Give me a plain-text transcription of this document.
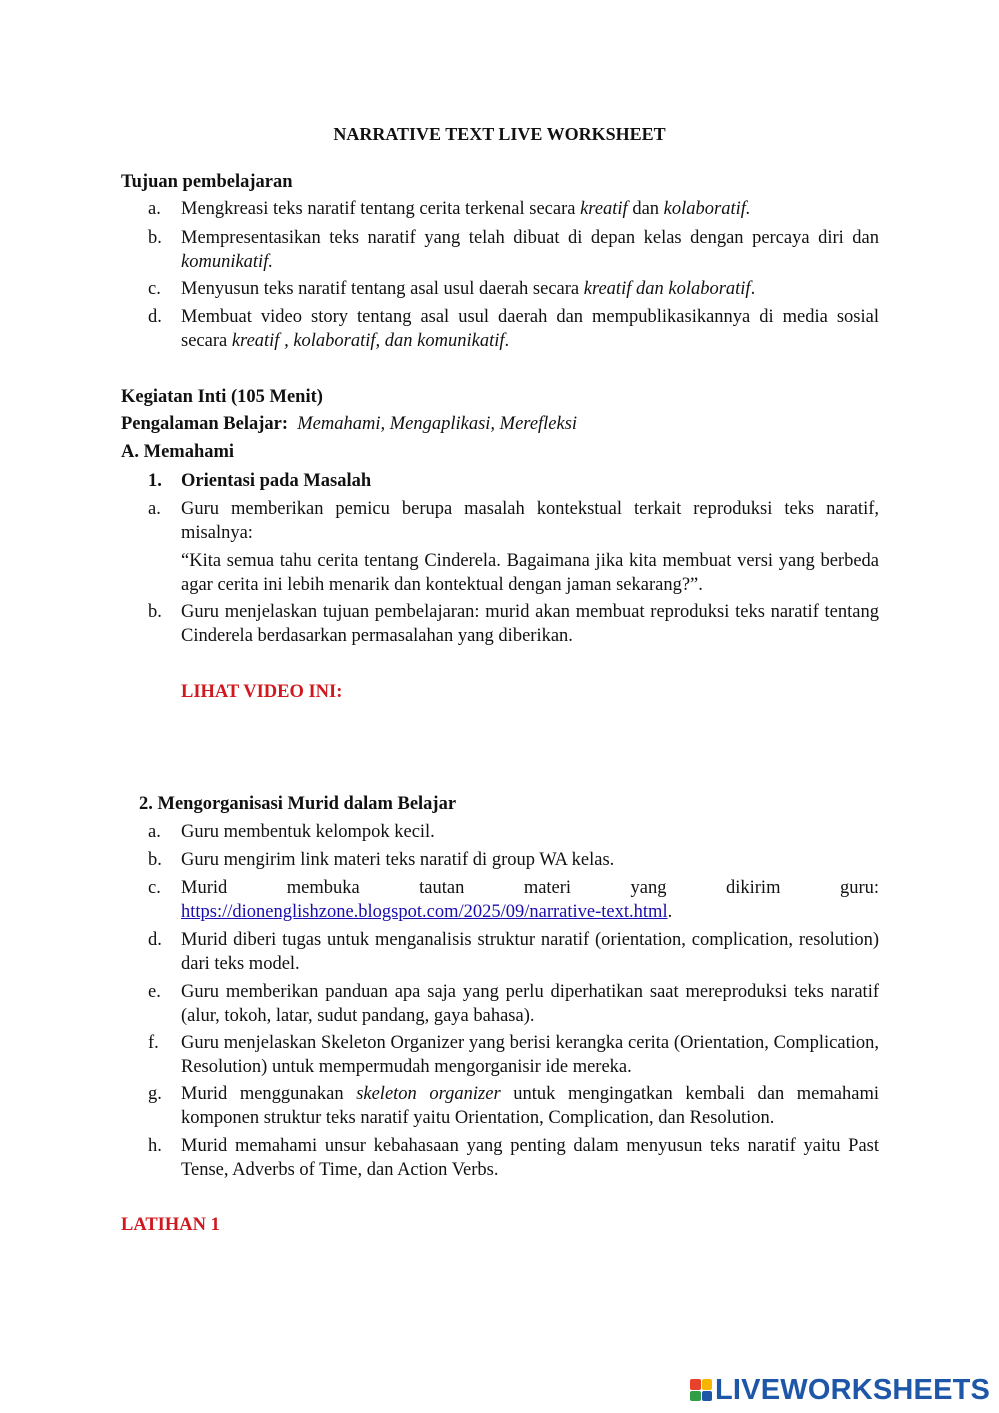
NARRATIVE TEXT LIVE WORKSHEET
Tujuan pembelajaran
a.	Mengkreasi teks naratif tentang cerita terkenal secara kreatif dan kolaboratif.
b.	Mempresentasikan teks naratif yang telah dibuat di depan kelas dengan percaya diri dan komunikatif.
c.	Menyusun teks naratif tentang asal usul daerah secara kreatif dan kolaboratif.
d.	Membuat video story tentang asal usul daerah dan mempublikasikannya di media sosial secara kreatif , kolaboratif, dan komunikatif.
Kegiatan Inti (105 Menit)
Pengalaman Belajar: Memahami, Mengaplikasi, Merefleksi
A. Memahami
1.	Orientasi pada Masalah
a.	Guru memberikan pemicu berupa masalah kontekstual terkait reproduksi teks naratif, misalnya:
“Kita semua tahu cerita tentang Cinderela. Bagaimana jika kita membuat versi yang berbeda agar cerita ini lebih menarik dan kontektual dengan jaman sekarang?”.
b.	Guru menjelaskan tujuan pembelajaran: murid akan membuat reproduksi teks naratif tentang Cinderela berdasarkan permasalahan yang diberikan.
LIHAT VIDEO INI:
2. Mengorganisasi Murid dalam Belajar
a.	Guru membentuk kelompok kecil.
b.	Guru mengirim link materi teks naratif di group WA kelas.
c.	Murid	membuka	tautan	materi	yang	dikirim	guru:
https://dionenglishzone.blogspot.com/2025/09/narrative-text.html.
d.	Murid diberi tugas untuk menganalisis struktur naratif (orientation, complication, resolution) dari teks model.
e.	Guru memberikan panduan apa saja yang perlu diperhatikan saat mereproduksi teks naratif (alur, tokoh, latar, sudut pandang, gaya bahasa).
f.	Guru menjelaskan Skeleton Organizer yang berisi kerangka cerita (Orientation, Complication, Resolution) untuk mempermudah mengorganisir ide mereka.
g.	Murid menggunakan skeleton organizer untuk mengingatkan kembali dan memahami komponen struktur teks naratif yaitu Orientation, Complication, dan Resolution.
h.	Murid memahami unsur kebahasaan yang penting dalam menyusun teks naratif yaitu Past Tense, Adverbs of Time, dan Action Verbs.
LATIHAN 1
LIVEWORKSHEETS
